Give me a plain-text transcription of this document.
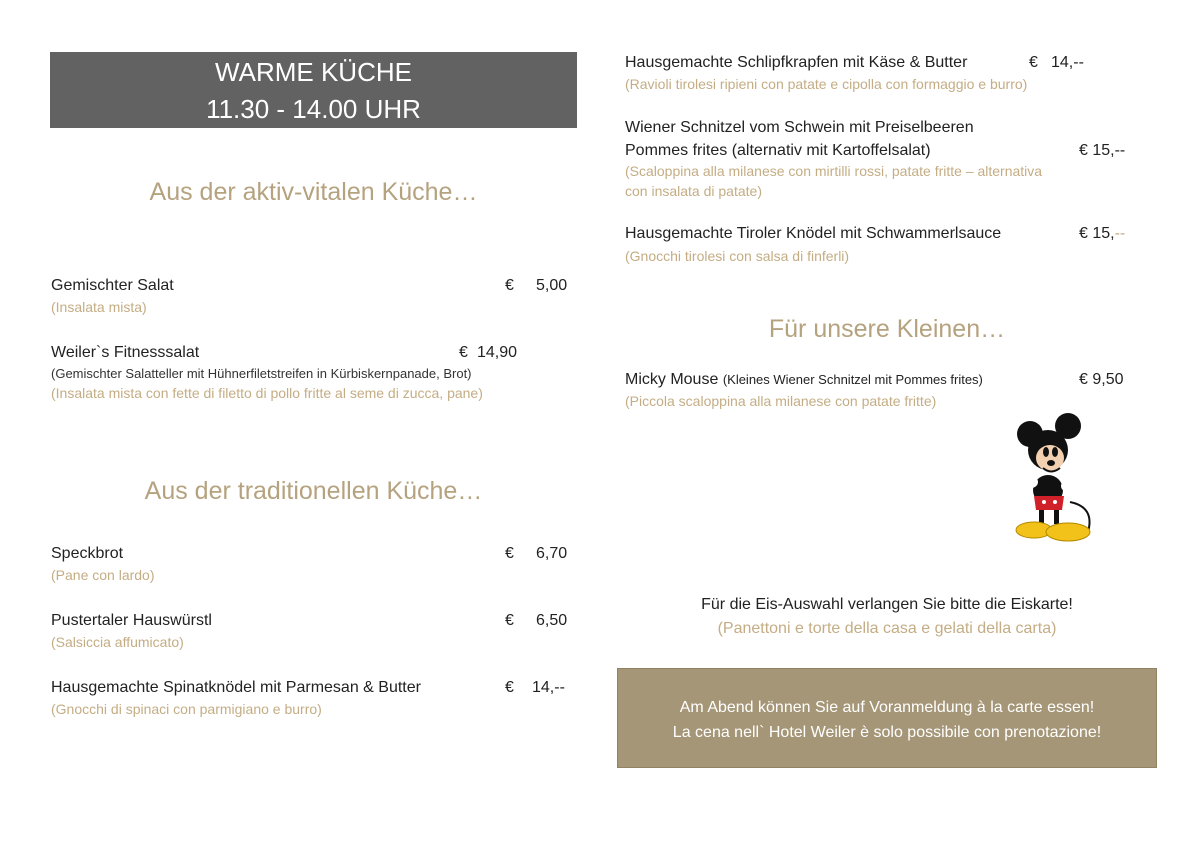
WARME KÜCHE
11.30 - 14.00 UHR
Aus der aktiv-vitalen Küche…
Gemischter Salat	€ 5,00
(Insalata mista)
Weiler`s Fitnesssalat	€ 14,90
(Gemischter Salatteller mit Hühnerfiletstreifen in Kürbiskernpanade, Brot)
(Insalata mista con fette di filetto di pollo fritte al seme di zucca, pane)
Aus der traditionellen Küche…
Speckbrot	€ 6,70
(Pane con lardo)
Pustertaler Hauswürstl	€ 6,50
(Salsiccia affumicato)
Hausgemachte Spinatknödel mit Parmesan & Butter	€ 14,--
(Gnocchi di spinaci con parmigiano e burro)
Hausgemachte Schlipfkrapfen mit Käse & Butter	€ 14,--
(Ravioli tirolesi ripieni con patate e cipolla con formaggio e burro)
Wiener Schnitzel vom Schwein mit Preiselbeeren
Pommes frites (alternativ mit Kartoffelsalat)	€ 15,--
(Scaloppina alla milanese con mirtilli rossi, patate fritte – alternativa
con insalata di patate)
Hausgemachte Tiroler Knödel mit Schwammerlsauce	€ 15,--
(Gnocchi tirolesi con salsa di finferli)
Für unsere Kleinen…
Micky Mouse (Kleines Wiener Schnitzel mit Pommes frites)	€ 9,50
(Piccola scaloppina alla milanese con patate fritte)
Für die Eis-Auswahl verlangen Sie bitte die Eiskarte!
(Panettoni e torte della casa e gelati della carta)
Am Abend können Sie auf Voranmeldung à la carte essen!
La cena nell` Hotel Weiler è solo possibile con prenotazione!
